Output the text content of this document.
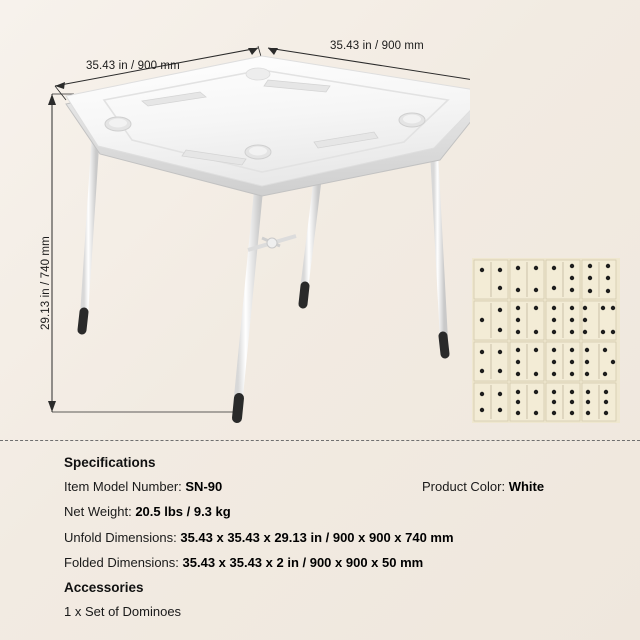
35.43 in / 900 mm
35.43 in / 900 mm
29.13 in / 740 mm
Specifications
Item Model Number: SN-90	Product Color: White
Net Weight: 20.5 lbs / 9.3 kg
Unfold Dimensions: 35.43 x 35.43 x 29.13 in / 900 x 900 x 740 mm
Folded Dimensions: 35.43 x 35.43 x 2 in / 900 x 900 x 50 mm
Accessories
1 x Set of Dominoes
